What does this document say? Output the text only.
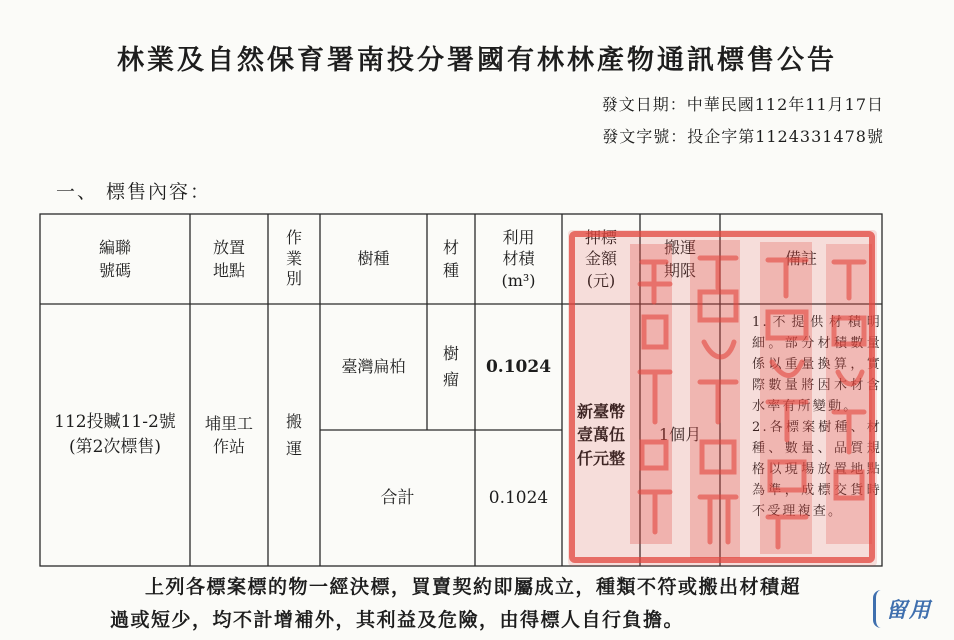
林業及自然保育署南投分署國有林林產物通訊標售公告
發文日期：中華民國112年11月17日
發文字號：投企字第1124331478號
一、 標售內容：
編聯
號碼
放置
地點
作
業
別
樹種
材
種
利用
材積
(m³)
押標
金額
(元)
搬運
期限
備註
112投贓11-2號
(第2次標售)
埔里工
作站
搬
運
臺灣扁柏
樹
瘤
0.1024
新臺幣
壹萬伍
仟元整
1個月
合計	0.1024

1.不提供材積明細。部分材積數量係以重量換算，實際數量將因木材含水率有所變動。

2.各標案樹種、材種、數量、品質規格以現場放置地點為準，成標交貨時不受理複查。

上列各標案標的物一經決標，買賣契約即屬成立，種類不符或搬出材積超
過或短少，均不計增補外，其利益及危險，由得標人自行負擔。	留用
